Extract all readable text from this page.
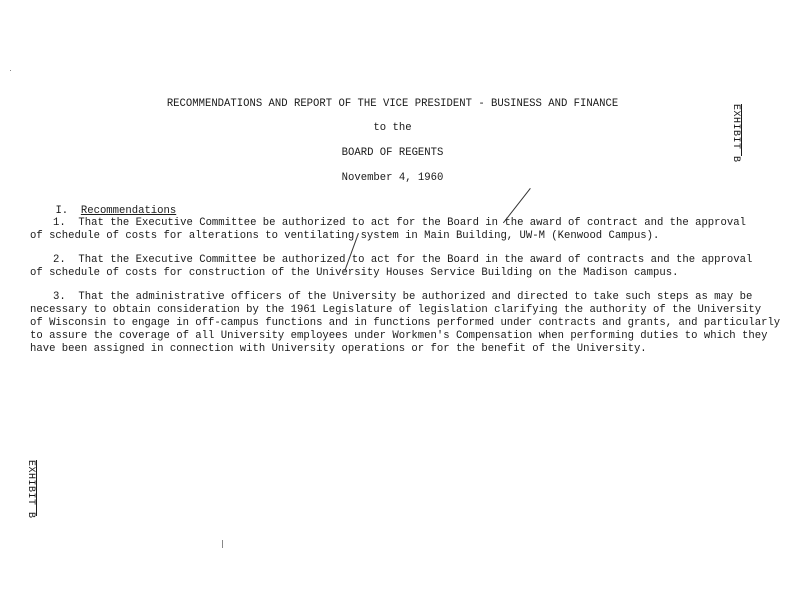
RECOMMENDATIONS AND REPORT OF THE VICE PRESIDENT - BUSINESS AND FINANCE
to the
BOARD OF REGENTS
November 4, 1960
EXHIBIT B
EXHIBIT B

I. Recommendations

1.  That the Executive Committee be authorized to act for the Board in the award of contract and the approval
of schedule of costs for alterations to ventilating system in Main Building, UW-M (Kenwood Campus).
2.  That the Executive Committee be authorized to act for the Board in the award of contracts and the approval
of schedule of costs for construction of the University Houses Service Building on the Madison campus.
3.  That the administrative officers of the University be authorized and directed to take such steps as may be
necessary to obtain consideration by the 1961 Legislature of legislation clarifying the authority of the University
of Wisconsin to engage in off-campus functions and in functions performed under contracts and grants, and particularly
to assure the coverage of all University employees under Workmen's Compensation when performing duties to which they
have been assigned in connection with University operations or for the benefit of the University.
